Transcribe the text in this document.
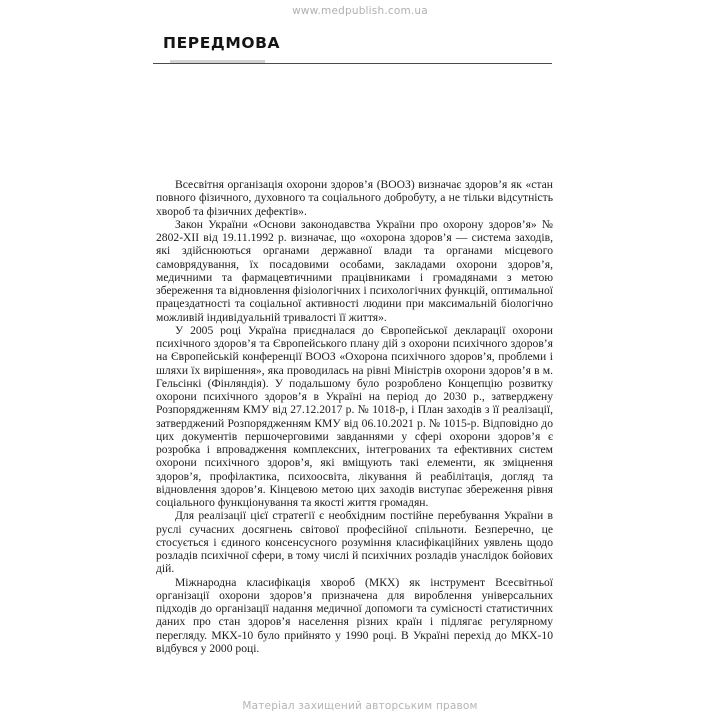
www.medpublish.com.ua
ПЕРЕДМОВА

Всесвітня організація охорони здоров’я (ВООЗ) визначає здоров’я як «стан повного фізичного, духовного та соціального добробуту, а не тільки відсутність хвороб та фізичних дефектів».

Закон України «Основи законодавства України про охорону здоров’я» № 2802-ХІІ від 19.11.1992 р. визначає, що «охорона здоров’я — система заходів, які здійснюються органами державної влади та органами місцевого самоврядування, їх посадовими особами, закладами охорони здоров’я, медичними та фармацевтичними працівниками і громадянами з метою збереження та відновлення фізіологічних і психологічних функцій, оптимальної працездатності та соціальної активності людини при максимальній біологічно можливій індивідуальній тривалості її життя».

У 2005 році Україна приєдналася до Європейської декларації охорони психічного здоров’я та Європейського плану дій з охорони психічного здоров’я на Європейській конференції ВООЗ «Охорона психічного здоров’я, проблеми і шляхи їх вирішення», яка проводилась на рівні Міністрів охорони здоров’я в м. Гельсінкі (Фінляндія). У подальшому було розроблено Концепцію розвитку охорони психічного здоров’я в Україні на період до 2030 р., затверджену Розпорядженням КМУ від 27.12.2017 р. № 1018-р, і План заходів з її реалізації, затверджений Розпорядженням КМУ від 06.10.2021 р. № 1015-р. Відповідно до цих документів першочерговими завданнями у сфері охорони здоров’я є розробка і впровадження комплексних, інтегрованих та ефективних систем охорони психічного здоров’я, які вміщують такі елементи, як зміцнення здоров’я, профілактика, психоосвіта, лікування й реабілітація, догляд та відновлення здоров’я. Кінцевою метою цих заходів виступає збереження рівня соціального функціонування та якості життя громадян.

Для реалізації цієї стратегії є необхідним постійне перебування України в руслі сучасних досягнень світової професійної спільноти. Безперечно, це стосується і єдиного консенсусного розуміння класифікаційних уявлень щодо розладів психічної сфери, в тому числі й психічних розладів унаслідок бойових дій.

Міжнародна класифікація хвороб (МКХ) як інструмент Всесвітньої організації охорони здоров’я призначена для вироблення універсальних підходів до організації надання медичної допомоги та сумісності статистичних даних про стан здоров’я населення різних країн і підлягає регулярному перегляду. МКХ-10 було прийнято у 1990 році. В Україні перехід до МКХ-10 відбувся у 2000 році.

Матеріал захищений авторським правом
